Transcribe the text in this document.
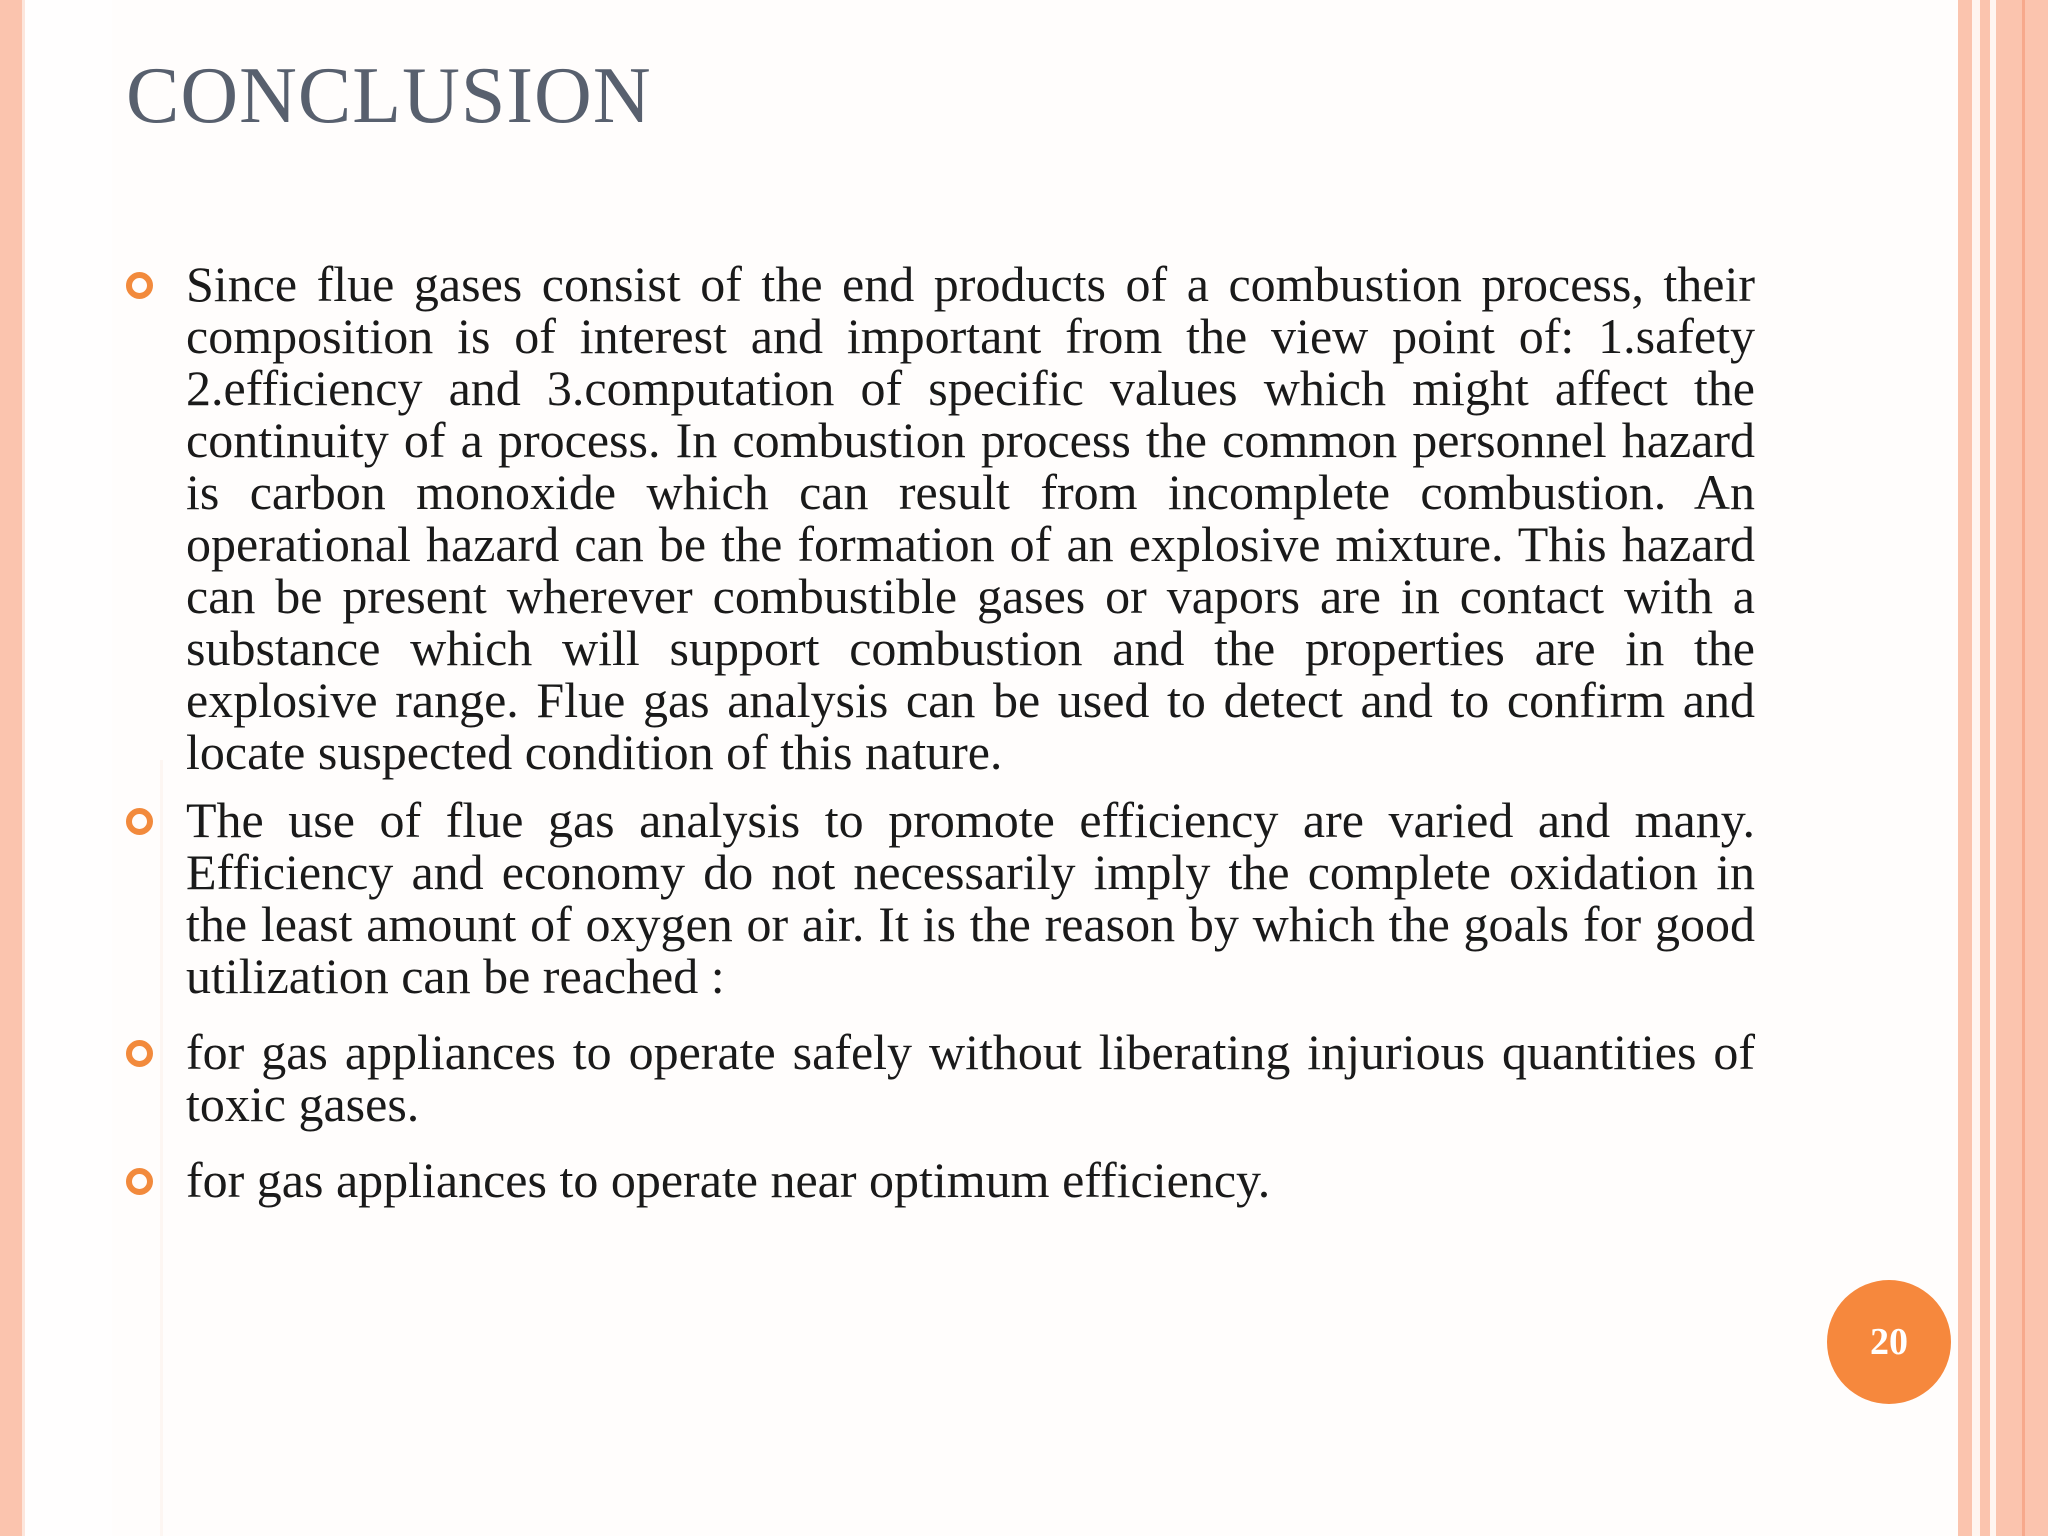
CONCLUSION
Since flue gases consist of the end products of a combustion process, their composition is of interest and important from the view point of: 1.safety 2.efficiency and 3.computation of specific values which might affect the continuity of a process. In combustion process the common personnel hazard is carbon monoxide which can result from incomplete combustion. An operational hazard can be the formation of an explosive mixture. This hazard can be present wherever combustible gases or vapors are in contact with a substance which will support combustion and the properties are in the explosive range. Flue gas analysis can be used to detect and to confirm and locate suspected condition of this nature.
The use of flue gas analysis to promote efficiency are varied and many. Efficiency and economy do not necessarily imply the complete oxidation in the least amount of oxygen or air. It is the reason by which the goals for good utilization can be reached :
for gas appliances to operate safely without liberating injurious quantities of toxic gases.
for gas appliances to operate near optimum efficiency.
20
